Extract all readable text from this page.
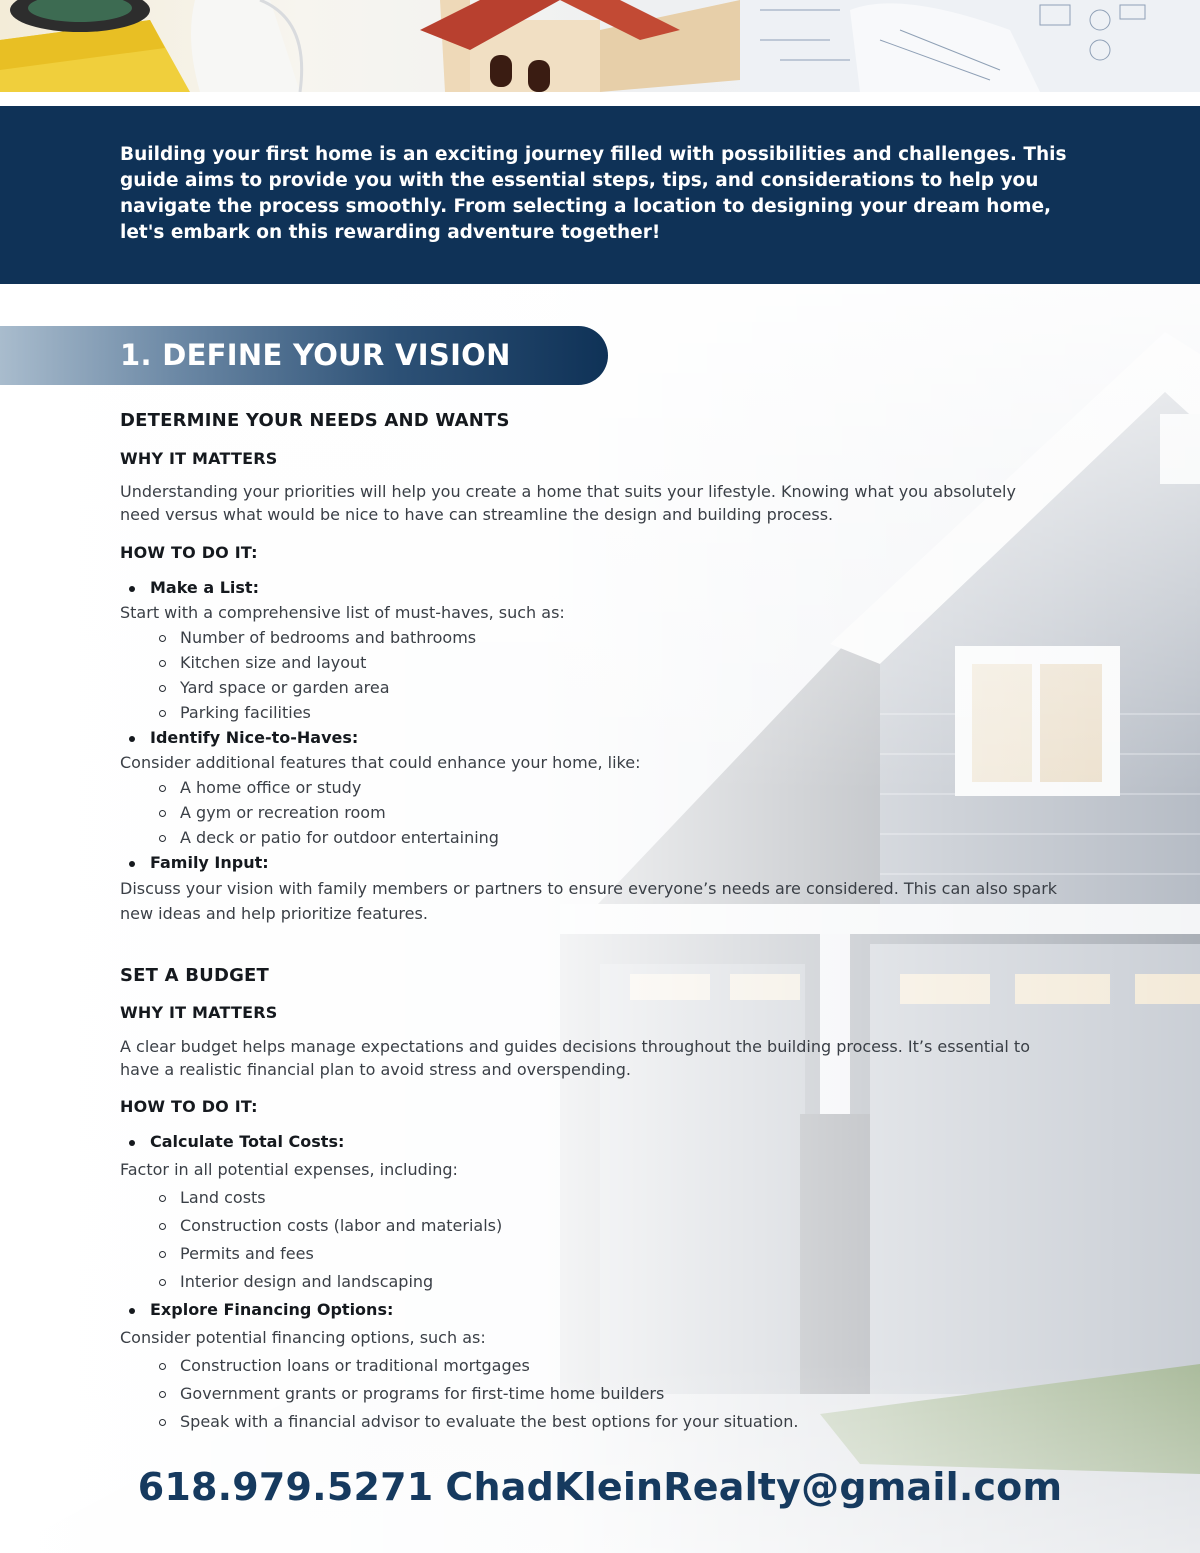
Building your first home is an exciting journey filled with possibilities and challenges. This guide aims to provide you with the essential steps, tips, and considerations to help you navigate the process smoothly. From selecting a location to designing your dream home, let's embark on this rewarding adventure together!

1. DEFINE YOUR VISION
DETERMINE YOUR NEEDS AND WANTS
WHY IT MATTERS

Understanding your priorities will help you create a home that suits your lifestyle. Knowing what you absolutely need versus what would be nice to have can streamline the design and building process.

HOW TO DO IT:
Make a List:
Start with a comprehensive list of must-haves, such as:
Number of bedrooms and bathrooms
Kitchen size and layout
Yard space or garden area
Parking facilities
Identify Nice-to-Haves:
Consider additional features that could enhance your home, like:
A home office or study
A gym or recreation room
A deck or patio for outdoor entertaining
Family Input:

Discuss your vision with family members or partners to ensure everyone’s needs are considered. This can also spark new ideas and help prioritize features.

SET A BUDGET
WHY IT MATTERS

A clear budget helps manage expectations and guides decisions throughout the building process. It’s essential to have a realistic financial plan to avoid stress and overspending.

HOW TO DO IT:
Calculate Total Costs:
Factor in all potential expenses, including:
Land costs
Construction costs (labor and materials)
Permits and fees
Interior design and landscaping
Explore Financing Options:
Consider potential financing options, such as:
Construction loans or traditional mortgages
Government grants or programs for first-time home builders
Speak with a financial advisor to evaluate the best options for your situation.
618.979.5271 ChadKleinRealty@gmail.com
